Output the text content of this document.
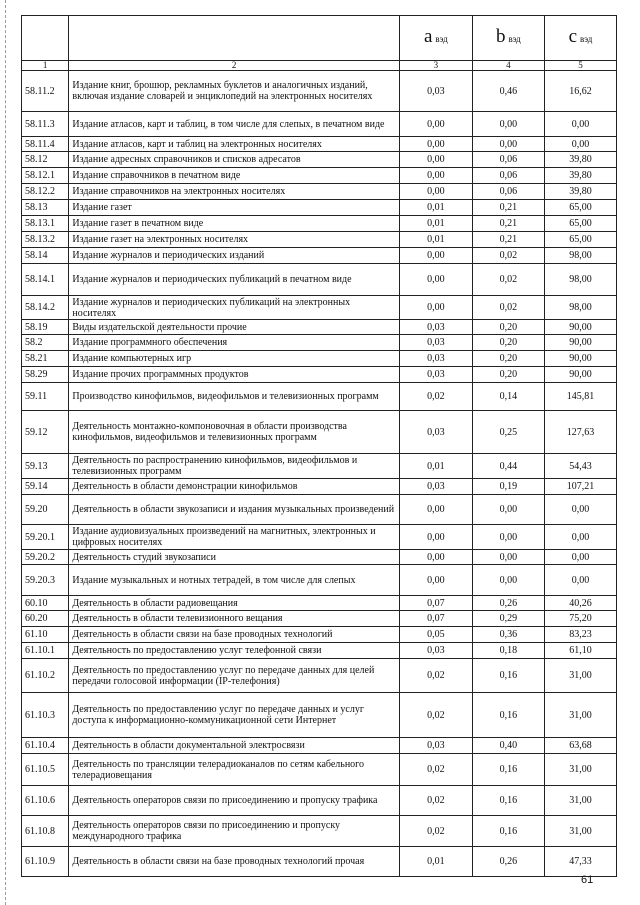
		a вэд	b вэд	c вэд
1	2	3	4	5
58.11.2	Издание книг, брошюр, рекламных буклетов и аналогичных изданий, включая издание словарей и энциклопедий на электронных носителях	0,03	0,46	16,62
58.11.3	Издание атласов, карт и таблиц, в том числе для слепых, в печатном виде	0,00	0,00	0,00
58.11.4	Издание атласов, карт и таблиц на электронных носителях	0,00	0,00	0,00
58.12	Издание адресных справочников и списков адресатов	0,00	0,06	39,80
58.12.1	Издание справочников в печатном виде	0,00	0,06	39,80
58.12.2	Издание справочников на электронных носителях	0,00	0,06	39,80
58.13	Издание газет	0,01	0,21	65,00
58.13.1	Издание газет в печатном виде	0,01	0,21	65,00
58.13.2	Издание газет на электронных носителях	0,01	0,21	65,00
58.14	Издание журналов и периодических изданий	0,00	0,02	98,00
58.14.1	Издание журналов и периодических публикаций в печатном виде	0,00	0,02	98,00
58.14.2	Издание журналов и периодических публикаций на электронных носителях	0,00	0,02	98,00
58.19	Виды издательской деятельности прочие	0,03	0,20	90,00
58.2	Издание программного обеспечения	0,03	0,20	90,00
58.21	Издание компьютерных игр	0,03	0,20	90,00
58.29	Издание прочих программных продуктов	0,03	0,20	90,00
59.11	Производство кинофильмов, видеофильмов и телевизионных программ	0,02	0,14	145,81
59.12	Деятельность монтажно-компоновочная в области производства кинофильмов, видеофильмов и телевизионных программ	0,03	0,25	127,63
59.13	Деятельность по распространению кинофильмов, видеофильмов и телевизионных программ	0,01	0,44	54,43
59.14	Деятельность в области демонстрации кинофильмов	0,03	0,19	107,21
59.20	Деятельность в области звукозаписи и издания музыкальных произведений	0,00	0,00	0,00
59.20.1	Издание аудиовизуальных произведений на магнитных, электронных и цифровых носителях	0,00	0,00	0,00
59.20.2	Деятельность студий звукозаписи	0,00	0,00	0,00
59.20.3	Издание музыкальных и нотных тетрадей, в том числе для слепых	0,00	0,00	0,00
60.10	Деятельность в области радиовещания	0,07	0,26	40,26
60.20	Деятельность в области телевизионного вещания	0,07	0,29	75,20
61.10	Деятельность в области связи на базе проводных технологий	0,05	0,36	83,23
61.10.1	Деятельность по предоставлению услуг телефонной связи	0,03	0,18	61,10
61.10.2	Деятельность по предоставлению услуг по передаче данных для целей передачи голосовой информации (IP-телефония)	0,02	0,16	31,00
61.10.3	Деятельность по предоставлению услуг по передаче данных и услуг доступа к информационно-коммуникационной сети Интернет	0,02	0,16	31,00
61.10.4	Деятельность в области документальной электросвязи	0,03	0,40	63,68
61.10.5	Деятельность по трансляции телерадиоканалов по сетям кабельного телерадиовещания	0,02	0,16	31,00
61.10.6	Деятельность операторов связи по присоединению и пропуску трафика	0,02	0,16	31,00
61.10.8	Деятельность операторов связи по присоединению и пропуску международного трафика	0,02	0,16	31,00
61.10.9	Деятельность в области связи на базе проводных технологий прочая	0,01	0,26	47,33
61
